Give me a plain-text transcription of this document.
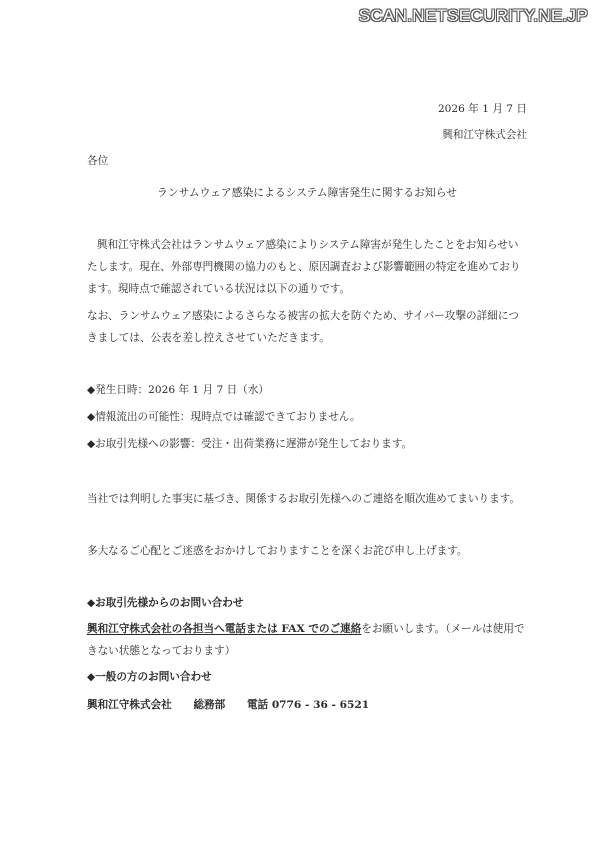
SCAN.NETSECURITY.NE.JP
2026 年 1 月 7 日
興和江守株式会社
各位
ランサムウェア感染によるシステム障害発生に関するお知らせ

興和江守株式会社はランサムウェア感染によりシステム障害が発生したことをお知らせいたします。現在、外部専門機関の協力のもと、原因調査および影響範囲の特定を進めております。現時点で確認されている状況は以下の通りです。

なお、ランサムウェア感染によるさらなる被害の拡大を防ぐため、サイバー攻撃の詳細につきましては、公表を差し控えさせていただきます。

◆発生日時：2026 年 1 月 7 日（水）
◆情報流出の可能性：現時点では確認できておりません。
◆お取引先様への影響：受注・出荷業務に遅滞が発生しております。

当社では判明した事実に基づき、関係するお取引先様へのご連絡を順次進めてまいります。

多大なるご心配とご迷惑をおかけしておりますことを深くお詫び申し上げます。

◆お取引先様からのお問い合わせ

興和江守株式会社の各担当へ電話または FAX でのご連絡をお願いします。（メールは使用できない状態となっております）

◆一般の方のお問い合わせ
興和江守株式会社 総務部 電話 0776 - 36 - 6521
